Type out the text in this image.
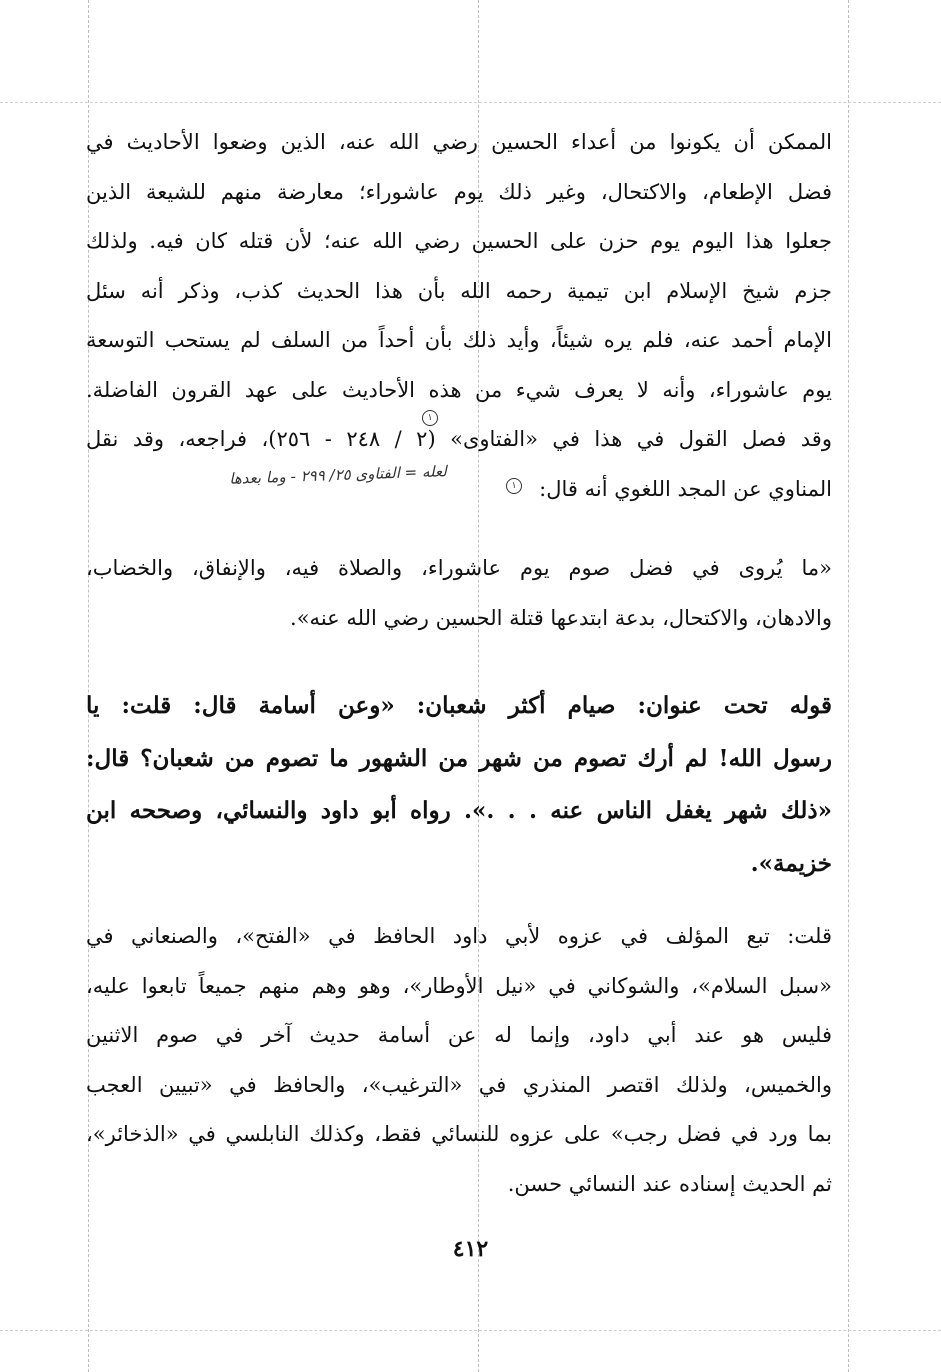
الممكن أن يكونوا من أعداء الحسين رضي الله عنه، الذين وضعوا الأحاديث في
فضل الإطعام، والاكتحال، وغير ذلك يوم عاشوراء؛ معارضة منهم للشيعة الذين
جعلوا هذا اليوم يوم حزن على الحسين رضي الله عنه؛ لأن قتله كان فيه. ولذلك
جزم شيخ الإسلام ابن تيمية رحمه الله بأن هذا الحديث كذب، وذكر أنه سئل
الإمام أحمد عنه، فلم يره شيئاً، وأيد ذلك بأن أحداً من السلف لم يستحب التوسعة
يوم عاشوراء، وأنه لا يعرف شيء من هذه الأحاديث على عهد القرون الفاضلة.
وقد فصل القول في هذا في «الفتاوى» (٢ / ٢٤٨ - ٢٥٦)، فراجعه، وقد نقل
المناوي عن المجد اللغوي أنه قال:

١
١
لعله = الفتاوى ٢٥/ ٢٩٩ - وما بعدها

«ما يُروى في فضل صوم يوم عاشوراء، والصلاة فيه، والإنفاق، والخضاب،
والادهان، والاكتحال، بدعة ابتدعها قتلة الحسين رضي الله عنه».

قوله تحت عنوان: صيام أكثر شعبان: «وعن أسامة قال: قلت: يا
رسول الله! لم أرك تصوم من شهر من الشهور ما تصوم من شعبان؟ قال:
«ذلك شهر يغفل الناس عنه . . .». رواه أبو داود والنسائي، وصححه ابن
خزيمة».

قلت: تبع المؤلف في عزوه لأبي داود الحافظ في «الفتح»، والصنعاني في
«سبل السلام»، والشوكاني في «نيل الأوطار»، وهو وهم منهم جميعاً تابعوا عليه،
فليس هو عند أبي داود، وإنما له عن أسامة حديث آخر في صوم الاثنين
والخميس، ولذلك اقتصر المنذري في «الترغيب»، والحافظ في «تبيين العجب
بما ورد في فضل رجب» على عزوه للنسائي فقط، وكذلك النابلسي في «الذخائر»،
ثم الحديث إسناده عند النسائي حسن.

٤١٢
